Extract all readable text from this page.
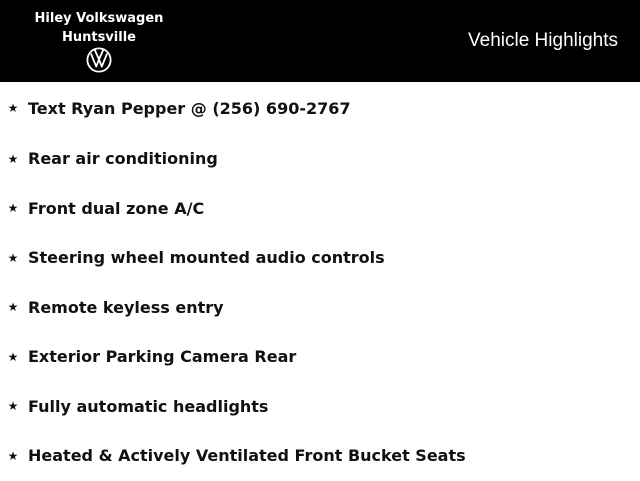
Hiley Volkswagen
Huntsville	Vehicle Highlights
★ Text Ryan Pepper @ (256) 690-2767
★ Rear air conditioning
★ Front dual zone A/C
★ Steering wheel mounted audio controls
★ Remote keyless entry
★ Exterior Parking Camera Rear
★ Fully automatic headlights
★ Heated & Actively Ventilated Front Bucket Seats
